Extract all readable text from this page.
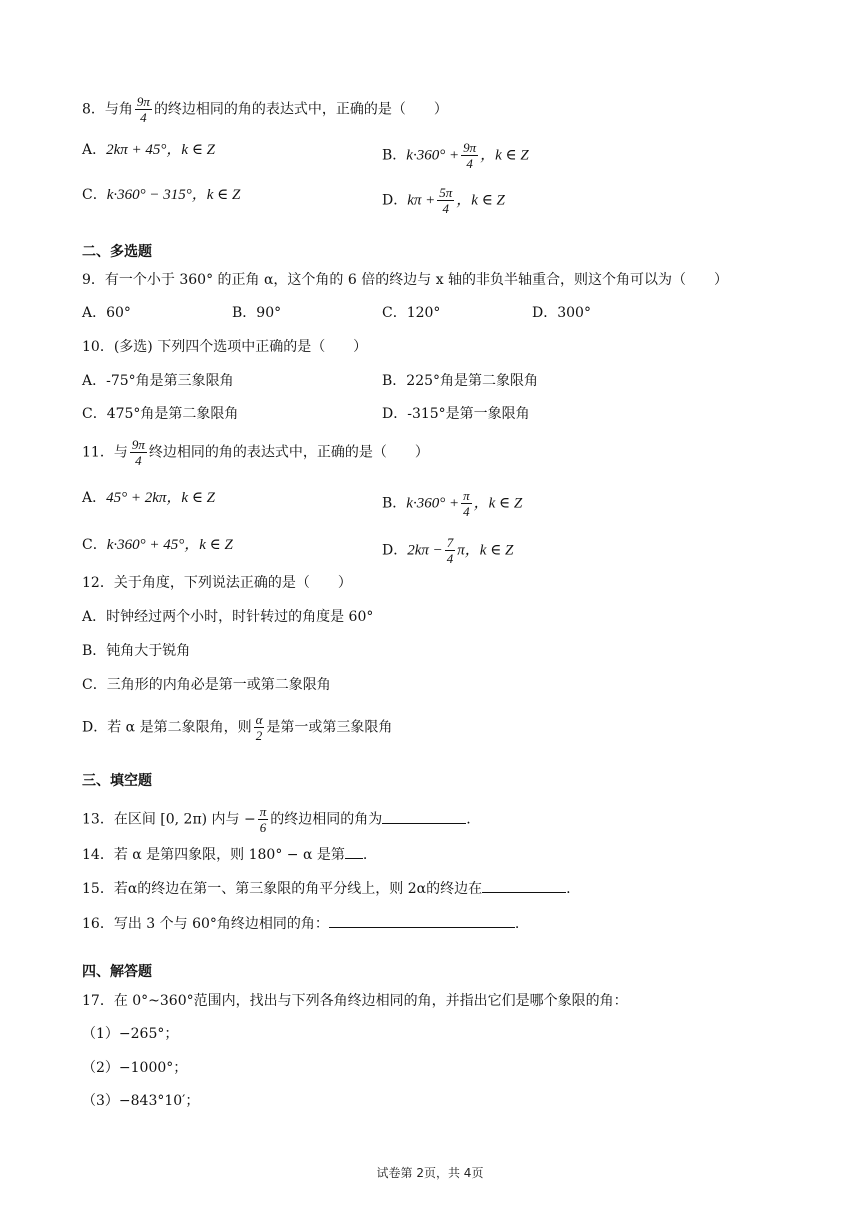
8．与角 $\frac{9\pi}{4}$ 的终边相同的角的表达式中，正确的是（　　）
A．2kπ + 45°，k ∈ Z	B．$k\cdot 360^\circ + \frac{9\pi}{4}$ ，k ∈ Z
C．k·360° − 315°，k ∈ Z	D．$k\pi + \frac{5\pi}{4}$ ，k ∈ Z
二、多选题
9．有一个小于 360° 的正角 α，这个角的 6 倍的终边与 x 轴的非负半轴重合，则这个角可以为（　　）
A．60°	B．90°	C．120°	D．300°
10．(多选) 下列四个选项中正确的是（　　）
A．-75°角是第三象限角	B．225°角是第二象限角
C．475°角是第二象限角	D．-315°是第一象限角
11．与 $\frac{9\pi}{4}$ 终边相同的角的表达式中，正确的是（　　）
A．45° + 2kπ，k ∈ Z	B．$k\cdot 360^\circ + \frac{\pi}{4}$ ，k ∈ Z
C．k·360° + 45°，k ∈ Z	D．$2k\pi - \frac{7}{4}$ π，k ∈ Z
12．关于角度，下列说法正确的是（　　）
A．时钟经过两个小时，时针转过的角度是 60°
B．钝角大于锐角
C．三角形的内角必是第一或第二象限角
D．若 α 是第二象限角，则 $\frac{\alpha}{2}$ 是第一或第三象限角
三、填空题
13．在区间 [0, 2π) 内与 − $\frac{\pi}{6}$ 的终边相同的角为	.
14．若 α 是第四象限，则 180° − α 是第 .
15．若α的终边在第一、第三象限的角平分线上，则 2α的终边在	.
16．写出 3 个与 60°角终边相同的角：	.
四、解答题
17．在 0°~360°范围内，找出与下列各角终边相同的角，并指出它们是哪个象限的角：
（1）−265°；
（2）−1000°；
（3）−843°10′；
试卷第 2页，共 4页
